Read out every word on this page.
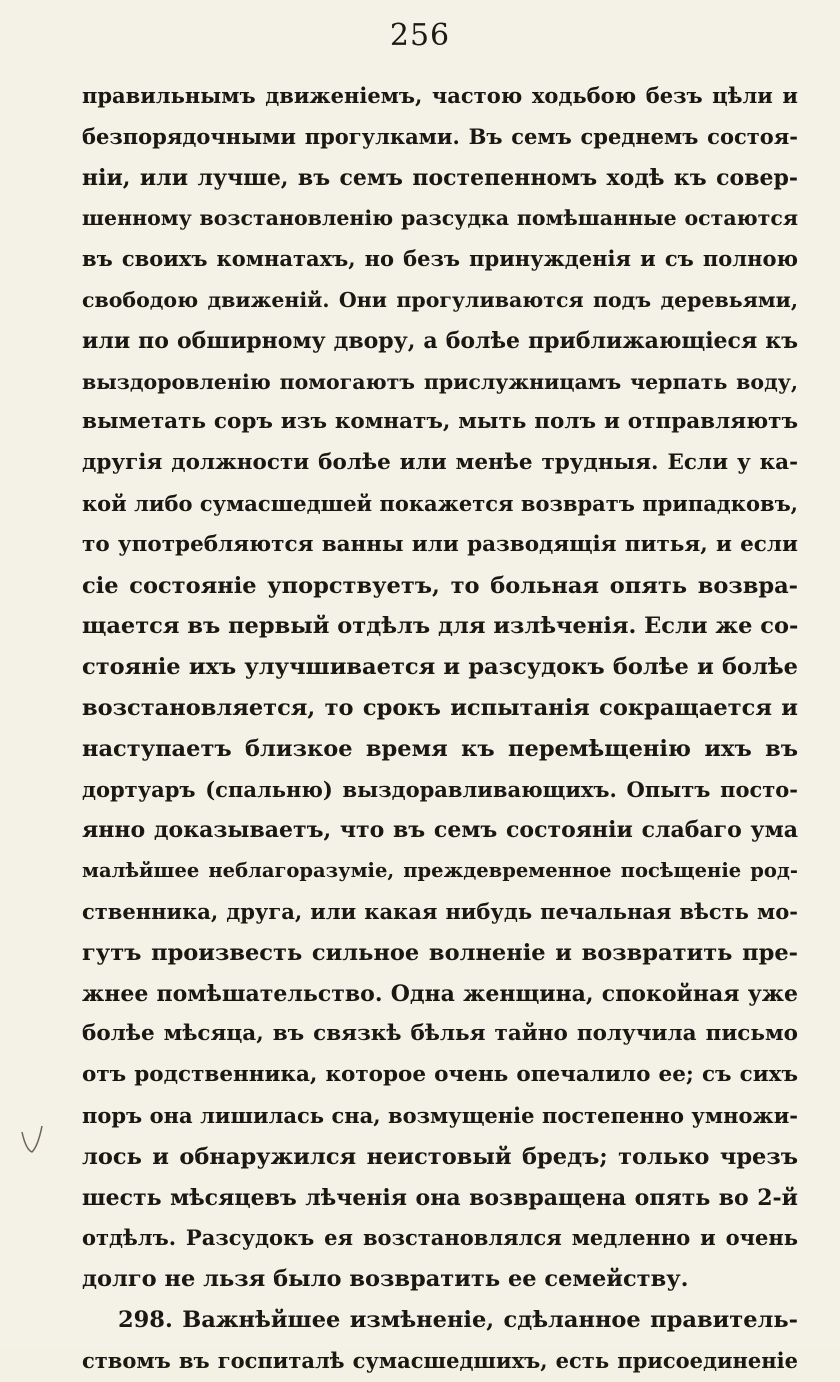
256
правильнымъ движеніемъ, частою ходьбою безъ цѣли и
безпорядочными прогулками. Въ семъ среднемъ состоя-
ніи, или лучше, въ семъ постепенномъ ходѣ къ совер-
шенному возстановленію разсудка помѣшанные остаются
въ своихъ комнатахъ, но безъ принужденія и съ полною
свободою движеній. Они прогуливаются подъ деревьями,
или по обширному двору, а болѣе приближающіеся къ
выздоровленію помогаютъ прислужницамъ черпать воду,
выметать соръ изъ комнатъ, мыть полъ и отправляютъ
другія должности болѣе или менѣе трудныя. Если у ка-
кой либо сумасшедшей покажется возвратъ припадковъ,
то употребляются ванны или разводящія питья, и если
сіе состояніе упорствуетъ, то больная опять возвра-
щается въ первый отдѣлъ для излѣченія. Если же со-
стояніе ихъ улучшивается и разсудокъ болѣе и болѣе
возстановляется, то срокъ испытанія сокращается и
наступаетъ близкое время къ перемѣщенію ихъ въ
дортуаръ (спальню) выздоравливающихъ. Опытъ посто-
янно доказываетъ, что въ семъ состояніи слабаго ума
малѣйшее неблагоразуміе, преждевременное посѣщеніе род-
ственника, друга, или какая нибудь печальная вѣсть мо-
гутъ произвесть сильное волненіе и возвратить пре-
жнее помѣшательство. Одна женщина, спокойная уже
болѣе мѣсяца, въ связкѣ бѣлья тайно получила письмо
отъ родственника, которое очень опечалило ее; съ сихъ
поръ она лишилась сна, возмущеніе постепенно умножи-
лось и обнаружился неистовый бредъ; только чрезъ
шесть мѣсяцевъ лѣченія она возвращена опять во 2-й
отдѣлъ. Разсудокъ ея возстановлялся медленно и очень
долго не льзя было возвратить ее семейству.
298. Важнѣйшее измѣненіе, сдѣланное правитель-
ствомъ въ госпиталѣ сумасшедшихъ, есть присоединеніе
